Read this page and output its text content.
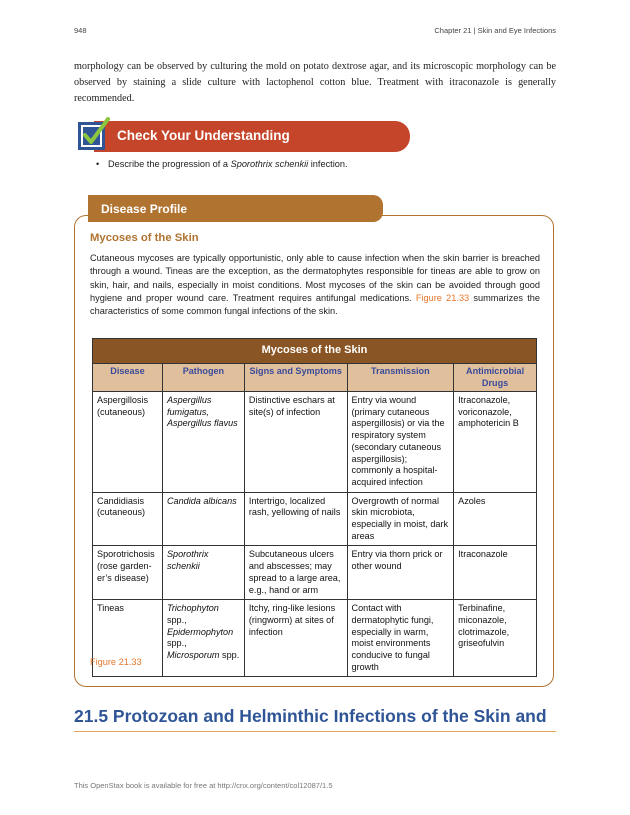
948	Chapter 21 | Skin and Eye Infections

morphology can be observed by culturing the mold on potato dextrose agar, and its microscopic morphology can be observed by staining a slide culture with lactophenol cotton blue. Treatment with itraconazole is generally recommended.

Check Your Understanding
• Describe the progression of a Sporothrix schenkii infection.
Disease Profile
Mycoses of the Skin

Cutaneous mycoses are typically opportunistic, only able to cause infection when the skin barrier is breached through a wound. Tineas are the exception, as the dermatophytes responsible for tineas are able to grow on skin, hair, and nails, especially in moist conditions. Most mycoses of the skin can be avoided through good hygiene and proper wound care. Treatment requires antifungal medications. Figure 21.33 summarizes the characteristics of some common fungal infections of the skin.

Mycoses of the Skin				
Disease	Pathogen	Signs and Symptoms	Transmission	Antimicrobial Drugs
Aspergillosis (cutaneous)	Aspergillus fumigatus, Aspergillus flavus	Distinctive eschars at site(s) of infection	Entry via wound (primary cutaneous aspergillosis) or via the respiratory system (secondary cutaneous aspergillosis); commonly a hospital-acquired infection	Itraconazole, voriconazole, amphotericin B
Candidiasis (cutaneous)	Candida albicans	Intertrigo, localized rash, yellowing of nails	Overgrowth of normal skin microbiota, especially in moist, dark areas	Azoles
Sporotrichosis (rose gardener’s disease)	Sporothrix schenkii	Subcutaneous ulcers and abscesses; may spread to a large area, e.g., hand or arm	Entry via thorn prick or other wound	Itraconazole
Tineas	Trichophyton spp., Epidermophyton spp., Microsporum spp.	Itchy, ring-like lesions (ringworm) at sites of infection	Contact with dermatophytic fungi, especially in warm, moist environments conducive to fungal growth	Terbinafine, miconazole, clotrimazole, griseofulvin
Figure 21.33
21.5 Protozoan and Helminthic Infections of the Skin and
This OpenStax book is available for free at http://cnx.org/content/col12087/1.5
